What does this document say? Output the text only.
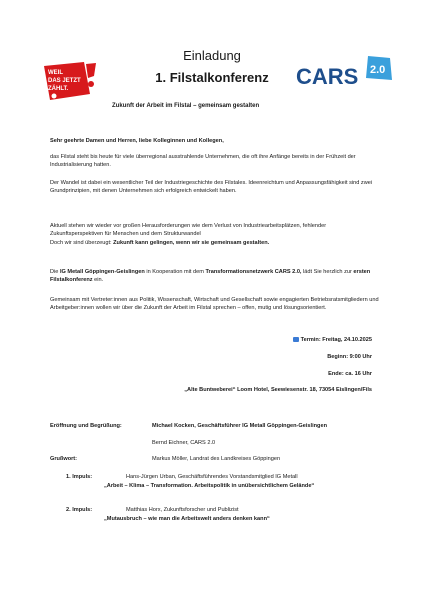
WEIL
DAS JETZT
ZÄHLT.	CARS 2.0
Einladung
1. Filstalkonferenz
Zukunft der Arbeit im Filstal – gemeinsam gestalten
Sehr geehrte Damen und Herren, liebe Kolleginnen und Kollegen,
das Filstal steht bis heute für viele überregional ausstrahlende Unternehmen, die oft ihre Anfänge bereits in der Frühzeit der Industrialisierung hatten.
Der Wandel ist dabei ein wesentlicher Teil der Industriegeschichte des Filstales. Ideenreichtum und Anpassungsfähigkeit sind zwei Grundprinzipien, mit denen Unternehmen sich erfolgreich entwickelt haben.
Aktuell stehen wir wieder vor großen Herausforderungen wie dem Verlust von Industriearbeitsplätzen, fehlender Zukunftsperspektiven für Menschen und dem Strukturwandel
Doch wir sind überzeugt: Zukunft kann gelingen, wenn wir sie gemeinsam gestalten.
Die IG Metall Göppingen-Geislingen in Kooperation mit dem Transformationsnetzwerk CARS 2.0, lädt Sie herzlich zur ersten Filstalkonferenz ein.
Gemeinsam mit Vertreter:innen aus Politik, Wissenschaft, Wirtschaft und Gesellschaft sowie engagierten Betriebsratsmitgliedern und Arbeitgeber:innen wollen wir über die Zukunft der Arbeit im Filstal sprechen – offen, mutig und lösungsorientiert.
Termin: Freitag, 24.10.2025
Beginn: 9:00 Uhr
Ende: ca. 16 Uhr
„Alte Buntweberei“ Loom Hotel, Seewiesenstr. 18, 73054 Eislingen/Fils
Eröffnung und Begrüßung:	Michael Kocken, Geschäftsführer IG Metall Göppingen-Geislingen
Bernd Eichner, CARS 2.0
Grußwort:	Markus Möller, Landrat des Landkreises Göppingen
1. Impuls:	Hans-Jürgen Urban, Geschäftsführendes Vorstandsmitglied IG Metall
„Arbeit – Klima – Transformation. Arbeitspolitik in unübersichtlichem Gelände“
2. Impuls:	Matthias Horx, Zukunftsforscher und Publizist
„Mutausbruch – wie man die Arbeitswelt anders denken kann“
